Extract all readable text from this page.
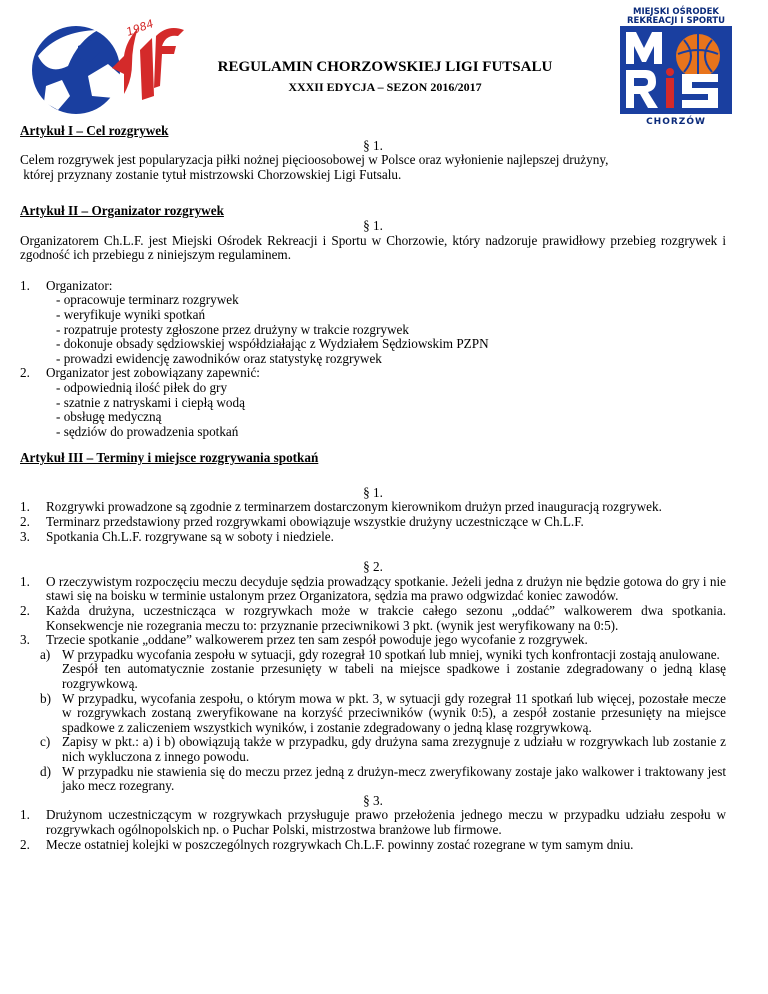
1984
MIEJSKI OŚRODEK
REKREACJI I SPORTU
CHORZÓW
REGULAMIN CHORZOWSKIEJ LIGI FUTSALU
XXXII EDYCJA – SEZON 2016/2017

Artykuł I – Cel rozgrywek

§ 1.

Celem rozgrywek jest popularyzacja piłki nożnej pięcioosobowej w Polsce oraz wyłonienie najlepszej drużyny,

której przyznany zostanie tytuł mistrzowski Chorzowskiej Ligi Futsalu.

Artykuł II – Organizator rozgrywek

§ 1.

Organizatorem Ch.L.F. jest Miejski Ośrodek Rekreacji i Sportu w Chorzowie, który nadzoruje prawidłowy przebieg rozgrywek i zgodność ich przebiegu z niniejszym regulaminem.

1. Organizator:
- opracowuje terminarz rozgrywek
- weryfikuje wyniki spotkań
- rozpatruje protesty zgłoszone przez drużyny w trakcie rozgrywek
- dokonuje obsady sędziowskiej współdziałając z Wydziałem Sędziowskim PZPN
- prowadzi ewidencję zawodników oraz statystykę rozgrywek
2. Organizator jest zobowiązany zapewnić:
- odpowiednią ilość piłek do gry
- szatnie z natryskami i ciepłą wodą
- obsługę medyczną
- sędziów do prowadzenia spotkań

Artykuł III – Terminy i miejsce rozgrywania spotkań

§ 1.

1. Rozgrywki prowadzone są zgodnie z terminarzem dostarczonym kierownikom drużyn przed inauguracją rozgrywek.
2. Terminarz przedstawiony przed rozgrywkami obowiązuje wszystkie drużyny uczestniczące w Ch.L.F.
3. Spotkania Ch.L.F. rozgrywane są w soboty i niedziele.

§ 2.

1. O rzeczywistym rozpoczęciu meczu decyduje sędzia prowadzący spotkanie. Jeżeli jedna z drużyn nie będzie gotowa do gry i nie stawi się na boisku w terminie ustalonym przez Organizatora, sędzia ma prawo odgwizdać koniec zawodów.
2. Każda drużyna, uczestnicząca w rozgrywkach może w trakcie całego sezonu „oddać” walkowerem dwa spotkania. Konsekwencje nie rozegrania meczu to: przyznanie przeciwnikowi 3 pkt. (wynik jest weryfikowany na 0:5).
3. Trzecie spotkanie „oddane” walkowerem przez ten sam zespół powoduje jego wycofanie z rozgrywek.
a) W przypadku wycofania zespołu w sytuacji, gdy rozegrał 10 spotkań lub mniej, wyniki tych konfrontacji zostają anulowane.
Zespół ten automatycznie zostanie przesunięty w tabeli na miejsce spadkowe i zostanie zdegradowany o jedną klasę rozgrywkową.
b) W przypadku, wycofania zespołu, o którym mowa w pkt. 3, w sytuacji gdy rozegrał 11 spotkań lub więcej, pozostałe mecze w rozgrywkach zostaną zweryfikowane na korzyść przeciwników (wynik 0:5), a zespół zostanie przesunięty na miejsce spadkowe z zaliczeniem wszystkich wyników, i zostanie zdegradowany o jedną klasę rozgrywkową.
c) Zapisy w pkt.: a) i b) obowiązują także w przypadku, gdy drużyna sama zrezygnuje z udziału w rozgrywkach lub zostanie z nich wykluczona z innego powodu.
d) W przypadku nie stawienia się do meczu przez jedną z drużyn-mecz zweryfikowany zostaje jako walkower i traktowany jest jako mecz rozegrany.

§ 3.

1. Drużynom uczestniczącym w rozgrywkach przysługuje prawo przełożenia jednego meczu w przypadku udziału zespołu w rozgrywkach ogólnopolskich np. o Puchar Polski, mistrzostwa branżowe lub firmowe.
2. Mecze ostatniej kolejki w poszczególnych rozgrywkach Ch.L.F. powinny zostać rozegrane w tym samym dniu.
